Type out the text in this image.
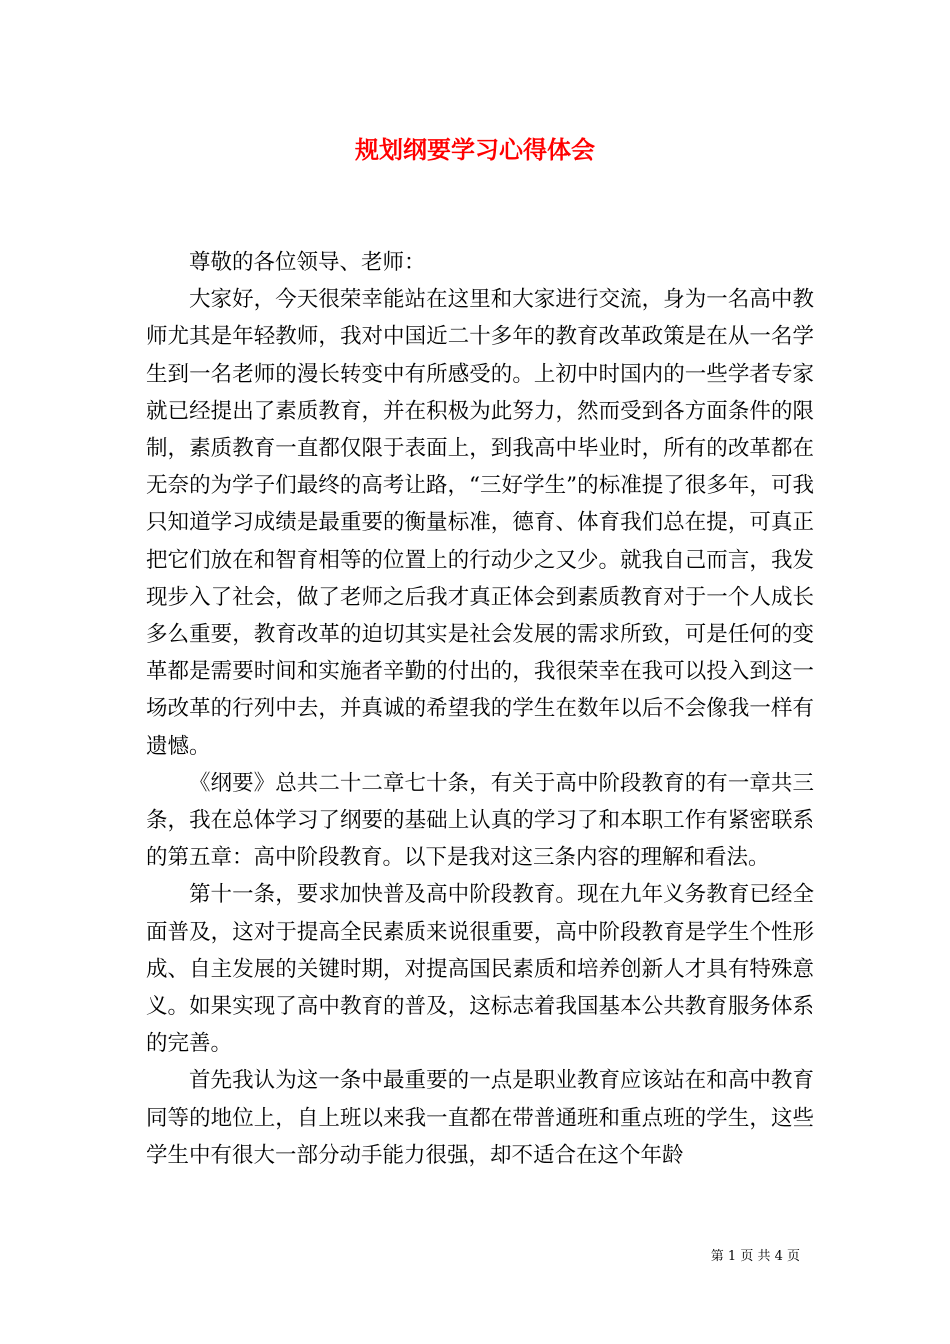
规划纲要学习心得体会

尊敬的各位领导、老师：

大家好，今天很荣幸能站在这里和大家进行交流，身为一名高中教师尤其是年轻教师，我对中国近二十多年的教育改革政策是在从一名学生到一名老师的漫长转变中有所感受的。上初中时国内的一些学者专家就已经提出了素质教育，并在积极为此努力，然而受到各方面条件的限制，素质教育一直都仅限于表面上，到我高中毕业时，所有的改革都在无奈的为学子们最终的高考让路，“三好学生”的标准提了很多年，可我只知道学习成绩是最重要的衡量标准，德育、体育我们总在提，可真正把它们放在和智育相等的位置上的行动少之又少。就我自己而言，我发现步入了社会，做了老师之后我才真正体会到素质教育对于一个人成长多么重要，教育改革的迫切其实是社会发展的需求所致，可是任何的变革都是需要时间和实施者辛勤的付出的，我很荣幸在我可以投入到这一场改革的行列中去，并真诚的希望我的学生在数年以后不会像我一样有遗憾。

《纲要》总共二十二章七十条，有关于高中阶段教育的有一章共三条，我在总体学习了纲要的基础上认真的学习了和本职工作有紧密联系的第五章：高中阶段教育。以下是我对这三条内容的理解和看法。

第十一条，要求加快普及高中阶段教育。现在九年义务教育已经全面普及，这对于提高全民素质来说很重要，高中阶段教育是学生个性形成、自主发展的关键时期，对提高国民素质和培养创新人才具有特殊意义。如果实现了高中教育的普及，这标志着我国基本公共教育服务体系的完善。

首先我认为这一条中最重要的一点是职业教育应该站在和高中教育同等的地位上，自上班以来我一直都在带普通班和重点班的学生，这些学生中有很大一部分动手能力很强，却不适合在这个年龄

第 1 页 共 4 页
